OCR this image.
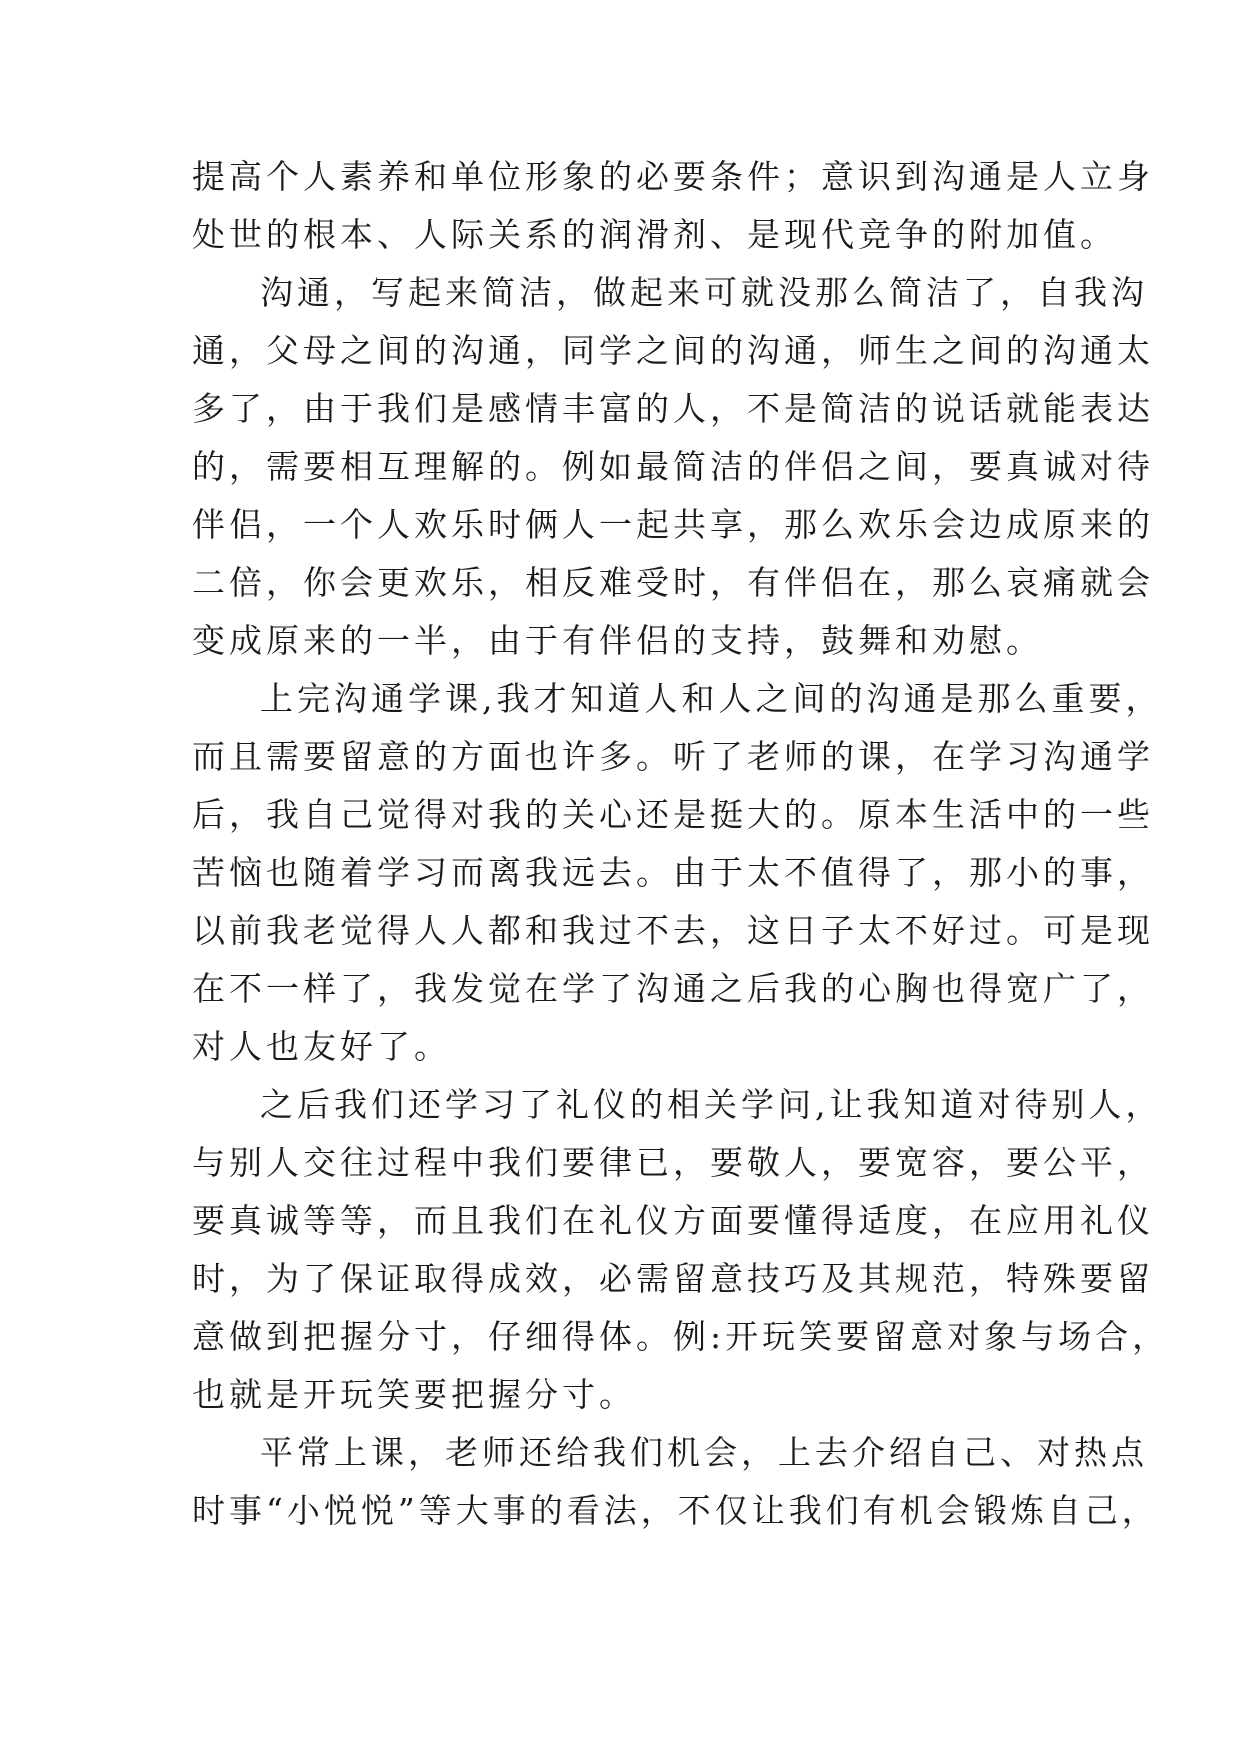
提高个人素养和单位形象的必要条件；意识到沟通是人立身
处世的根本、人际关系的润滑剂、是现代竞争的附加值。
沟通，写起来简洁，做起来可就没那么简洁了，自我沟
通，父母之间的沟通，同学之间的沟通，师生之间的沟通太
多了，由于我们是感情丰富的人，不是简洁的说话就能表达
的，需要相互理解的。例如最简洁的伴侣之间，要真诚对待
伴侣，一个人欢乐时俩人一起共享，那么欢乐会边成原来的
二倍，你会更欢乐，相反难受时，有伴侣在，那么哀痛就会
变成原来的一半，由于有伴侣的支持，鼓舞和劝慰。
上完沟通学课,我才知道人和人之间的沟通是那么重要，
而且需要留意的方面也许多。听了老师的课，在学习沟通学
后，我自己觉得对我的关心还是挺大的。原本生活中的一些
苦恼也随着学习而离我远去。由于太不值得了，那小的事，
以前我老觉得人人都和我过不去，这日子太不好过。可是现
在不一样了，我发觉在学了沟通之后我的心胸也得宽广了，
对人也友好了。
之后我们还学习了礼仪的相关学问,让我知道对待别人，
与别人交往过程中我们要律已，要敬人，要宽容，要公平，
要真诚等等，而且我们在礼仪方面要懂得适度，在应用礼仪
时，为了保证取得成效，必需留意技巧及其规范，特殊要留
意做到把握分寸，仔细得体。例:开玩笑要留意对象与场合，
也就是开玩笑要把握分寸。
平常上课，老师还给我们机会，上去介绍自己、对热点
时事“小悦悦”等大事的看法，不仅让我们有机会锻炼自己，
